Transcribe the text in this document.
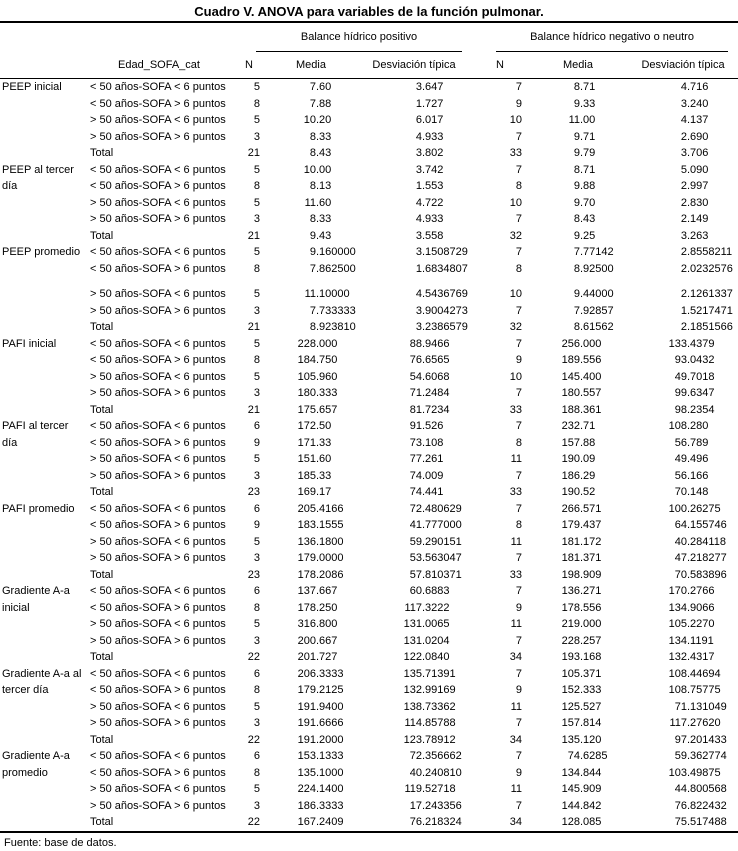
Cuadro V. ANOVA para variables de la función pulmonar.

		Balance hídrico positivo			Balance hídrico negativo o neutro		

	Edad_SOFA_cat	N	Media	Desviación típica	N	Media	Desviación típica
PEEP inicial	< 50 años-SOFA < 6 puntos	5	7 .60	3 .647	7	8 .71	4 .716

	< 50 años-SOFA > 6 puntos	8	7 .88	1 .727	9	9 .33	3 .240

	> 50 años-SOFA < 6 puntos	5	10 .20	6 .017	10	11 .00	4 .137

	> 50 años-SOFA > 6 puntos	3	8 .33	4 .933	7	9 .71	2 .690

	Total	21	8 .43	3 .802	33	9 .79	3 .706

PEEP al tercer día	< 50 años-SOFA < 6 puntos	5	10 .00	3 .742	7	8 .71	5 .090

	< 50 años-SOFA > 6 puntos	8	8 .13	1 .553	8	9 .88	2 .997

	> 50 años-SOFA < 6 puntos	5	11 .60	4 .722	10	9 .70	2 .830

	> 50 años-SOFA > 6 puntos	3	8 .33	4 .933	7	8 .43	2 .149

	Total	21	9 .43	3 .558	32	9 .25	3 .263

PEEP promedio	< 50 años-SOFA < 6 puntos	5	9 .160000	3 .1508729	7	7 .77142	2 .8558211

	< 50 años-SOFA > 6 puntos	8	7 .862500	1 .6834807	8	8 .92500	2 .0232576

	> 50 años-SOFA < 6 puntos	5	11 .10000	4 .5436769	10	9 .44000	2 .1261337

	> 50 años-SOFA > 6 puntos	3	7 .733333	3 .9004273	7	7 .92857	1 .5217471

	Total	21	8 .923810	3 .2386579	32	8 .61562	2 .1851566

PAFI inicial	< 50 años-SOFA < 6 puntos	5	228 .000	88 .9466	7	256 .000	133 .4379

	< 50 años-SOFA > 6 puntos	8	184 .750	76 .6565	9	189 .556	93 .0432

	> 50 años-SOFA < 6 puntos	5	105 .960	54 .6068	10	145 .400	49 .7018

	> 50 años-SOFA > 6 puntos	3	180 .333	71 .2484	7	180 .557	99 .6347

	Total	21	175 .657	81 .7234	33	188 .361	98 .2354

PAFI al tercer día	< 50 años-SOFA < 6 puntos	6	172 .50	91 .526	7	232 .71	108 .280

	< 50 años-SOFA > 6 puntos	9	171 .33	73 .108	8	157 .88	56 .789

	> 50 años-SOFA < 6 puntos	5	151 .60	77 .261	11	190 .09	49 .496

	> 50 años-SOFA > 6 puntos	3	185 .33	74 .009	7	186 .29	56 .166

	Total	23	169 .17	74 .441	33	190 .52	70 .148

PAFI promedio	< 50 años-SOFA < 6 puntos	6	205 .4166	72 .480629	7	266 .571	100 .26275

	< 50 años-SOFA > 6 puntos	9	183 .1555	41 .777000	8	179 .437	64 .155746

	> 50 años-SOFA < 6 puntos	5	136 .1800	59 .290151	11	181 .172	40 .284118

	> 50 años-SOFA > 6 puntos	3	179 .0000	53 .563047	7	181 .371	47 .218277

	Total	23	178 .2086	57 .810371	33	198 .909	70 .583896

Gradiente A-a inicial	< 50 años-SOFA < 6 puntos	6	137 .667	60 .6883	7	136 .271	170 .2766

	< 50 años-SOFA > 6 puntos	8	178 .250	117 .3222	9	178 .556	134 .9066

	> 50 años-SOFA < 6 puntos	5	316 .800	131 .0065	11	219 .000	105 .2270

	> 50 años-SOFA > 6 puntos	3	200 .667	131 .0204	7	228 .257	134 .1191

	Total	22	201 .727	122 .0840	34	193 .168	132 .4317

Gradiente A-a al tercer día	< 50 años-SOFA < 6 puntos	6	206 .3333	135 .71391	7	105 .371	108 .44694

	< 50 años-SOFA > 6 puntos	8	179 .2125	132 .99169	9	152 .333	108 .75775

	> 50 años-SOFA < 6 puntos	5	191 .9400	138 .73362	11	125 .527	71 .131049

	> 50 años-SOFA > 6 puntos	3	191 .6666	114 .85788	7	157 .814	117 .27620

	Total	22	191 .2000	123 .78912	34	135 .120	97 .201433

Gradiente A-a promedio	< 50 años-SOFA < 6 puntos	6	153 .1333	72 .356662	7	74 .6285	59 .362774

	< 50 años-SOFA > 6 puntos	8	135 .1000	40 .240810	9	134 .844	103 .49875

	> 50 años-SOFA < 6 puntos	5	224 .1400	119 .52718	11	145 .909	44 .800568

	> 50 años-SOFA > 6 puntos	3	186 .3333	17 .243356	7	144 .842	76 .822432

	Total	22	167 .2409	76 .218324	34	128 .085	75 .517488
Fuente: base de datos.
